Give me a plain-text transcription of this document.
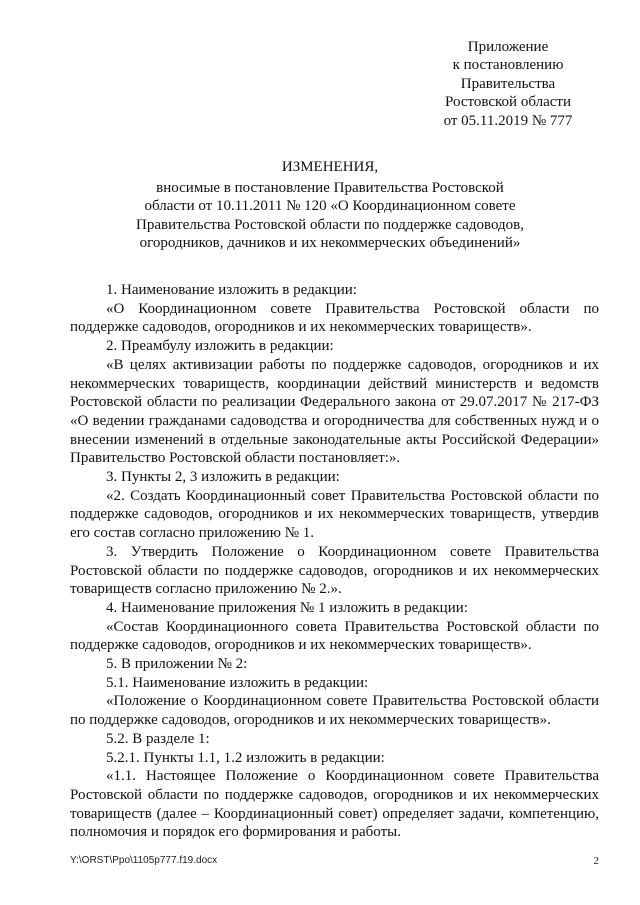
Приложение
к постановлению
Правительства
Ростовской области
от 05.11.2019 № 777
ИЗМЕНЕНИЯ,
вносимые в постановление Правительства Ростовской
области от 10.11.2011 № 120 «О Координационном совете
Правительства Ростовской области по поддержке садоводов,
огородников, дачников и их некоммерческих объединений»

1. Наименование изложить в редакции:

«О Координационном совете Правительства Ростовской области по поддержке садоводов, огородников и их некоммерческих товариществ».

2. Преамбулу изложить в редакции:

«В целях активизации работы по поддержке садоводов, огородников и их некоммерческих товариществ, координации действий министерств и ведомств Ростовской области по реализации Федерального закона от 29.07.2017 № 217-ФЗ «О ведении гражданами садоводства и огородничества для собственных нужд и о внесении изменений в отдельные законодательные акты Российской Федерации» Правительство Ростовской области постановляет:».

3. Пункты 2, 3 изложить в редакции:

«2. Создать Координационный совет Правительства Ростовской области по поддержке садоводов, огородников и их некоммерческих товариществ, утвердив его состав согласно приложению № 1.

3. Утвердить Положение о Координационном совете Правительства Ростовской области по поддержке садоводов, огородников и их некоммерческих товариществ согласно приложению № 2.».

4. Наименование приложения № 1 изложить в редакции:

«Состав Координационного совета Правительства Ростовской области по поддержке садоводов, огородников и их некоммерческих товариществ».

5. В приложении № 2:

5.1. Наименование изложить в редакции:

«Положение о Координационном совете Правительства Ростовской области по поддержке садоводов, огородников и их некоммерческих товариществ».

5.2. В разделе 1:

5.2.1. Пункты 1.1, 1.2 изложить в редакции:

«1.1. Настоящее Положение о Координационном совете Правительства Ростовской области по поддержке садоводов, огородников и их некоммерческих товариществ (далее – Координационный совет) определяет задачи, компетенцию, полномочия и порядок его формирования и работы.

Y:\ORST\Ppo\1105p777.f19.docx	2
